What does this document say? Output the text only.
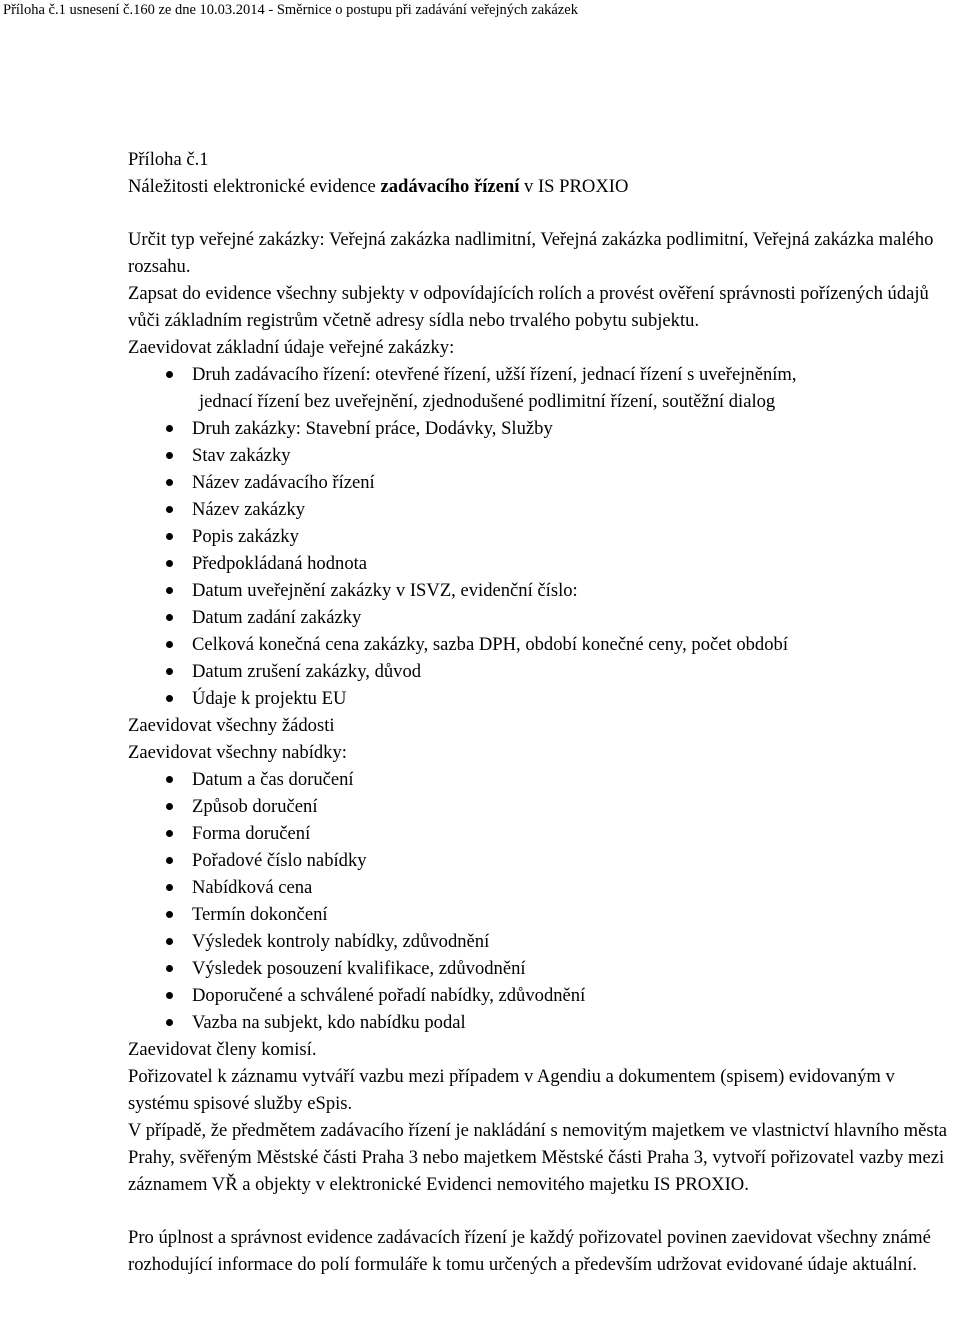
Příloha č.1 usnesení č.160 ze dne 10.03.2014 - Směrnice o postupu při zadávání veřejných zakázek

Příloha č.1

Náležitosti elektronické evidence zadávacího řízení v IS PROXIO

Určit typ veřejné zakázky: Veřejná zakázka nadlimitní, Veřejná zakázka podlimitní, Veřejná zakázka malého rozsahu.

Zapsat do evidence všechny subjekty v odpovídajících rolích a provést ověření správnosti pořízených údajů vůči základním registrům včetně adresy sídla nebo trvalého pobytu subjektu.

Zaevidovat základní údaje veřejné zakázky:

Druh zadávacího řízení: otevřené řízení, užší řízení, jednací řízení s uveřejněním,
jednací řízení bez uveřejnění, zjednodušené podlimitní řízení, soutěžní dialog
Druh zakázky: Stavební práce, Dodávky, Služby
Stav zakázky
Název zadávacího řízení
Název zakázky
Popis zakázky
Předpokládaná hodnota
Datum uveřejnění zakázky v ISVZ, evidenční číslo:
Datum zadání zakázky
Celková konečná cena zakázky, sazba DPH, období konečné ceny, počet období
Datum zrušení zakázky, důvod
Údaje k projektu EU

Zaevidovat všechny žádosti

Zaevidovat všechny nabídky:

Datum a čas doručení
Způsob doručení
Forma doručení
Pořadové číslo nabídky
Nabídková cena
Termín dokončení
Výsledek kontroly nabídky, zdůvodnění
Výsledek posouzení kvalifikace, zdůvodnění
Doporučené a schválené pořadí nabídky, zdůvodnění
Vazba na subjekt, kdo nabídku podal

Zaevidovat členy komisí.

Pořizovatel k záznamu vytváří vazbu mezi případem v Agendiu a dokumentem (spisem) evidovaným v systému spisové služby eSpis.

V případě, že předmětem zadávacího řízení je nakládání s nemovitým majetkem ve vlastnictví hlavního města Prahy, svěřeným Městské části Praha 3 nebo majetkem Městské části Praha 3, vytvoří pořizovatel vazby mezi záznamem VŘ a objekty v elektronické Evidenci nemovitého majetku IS PROXIO.

Pro úplnost a správnost evidence zadávacích řízení je každý pořizovatel povinen zaevidovat všechny známé rozhodující informace do polí formuláře k tomu určených a především udržovat evidované údaje aktuální.
